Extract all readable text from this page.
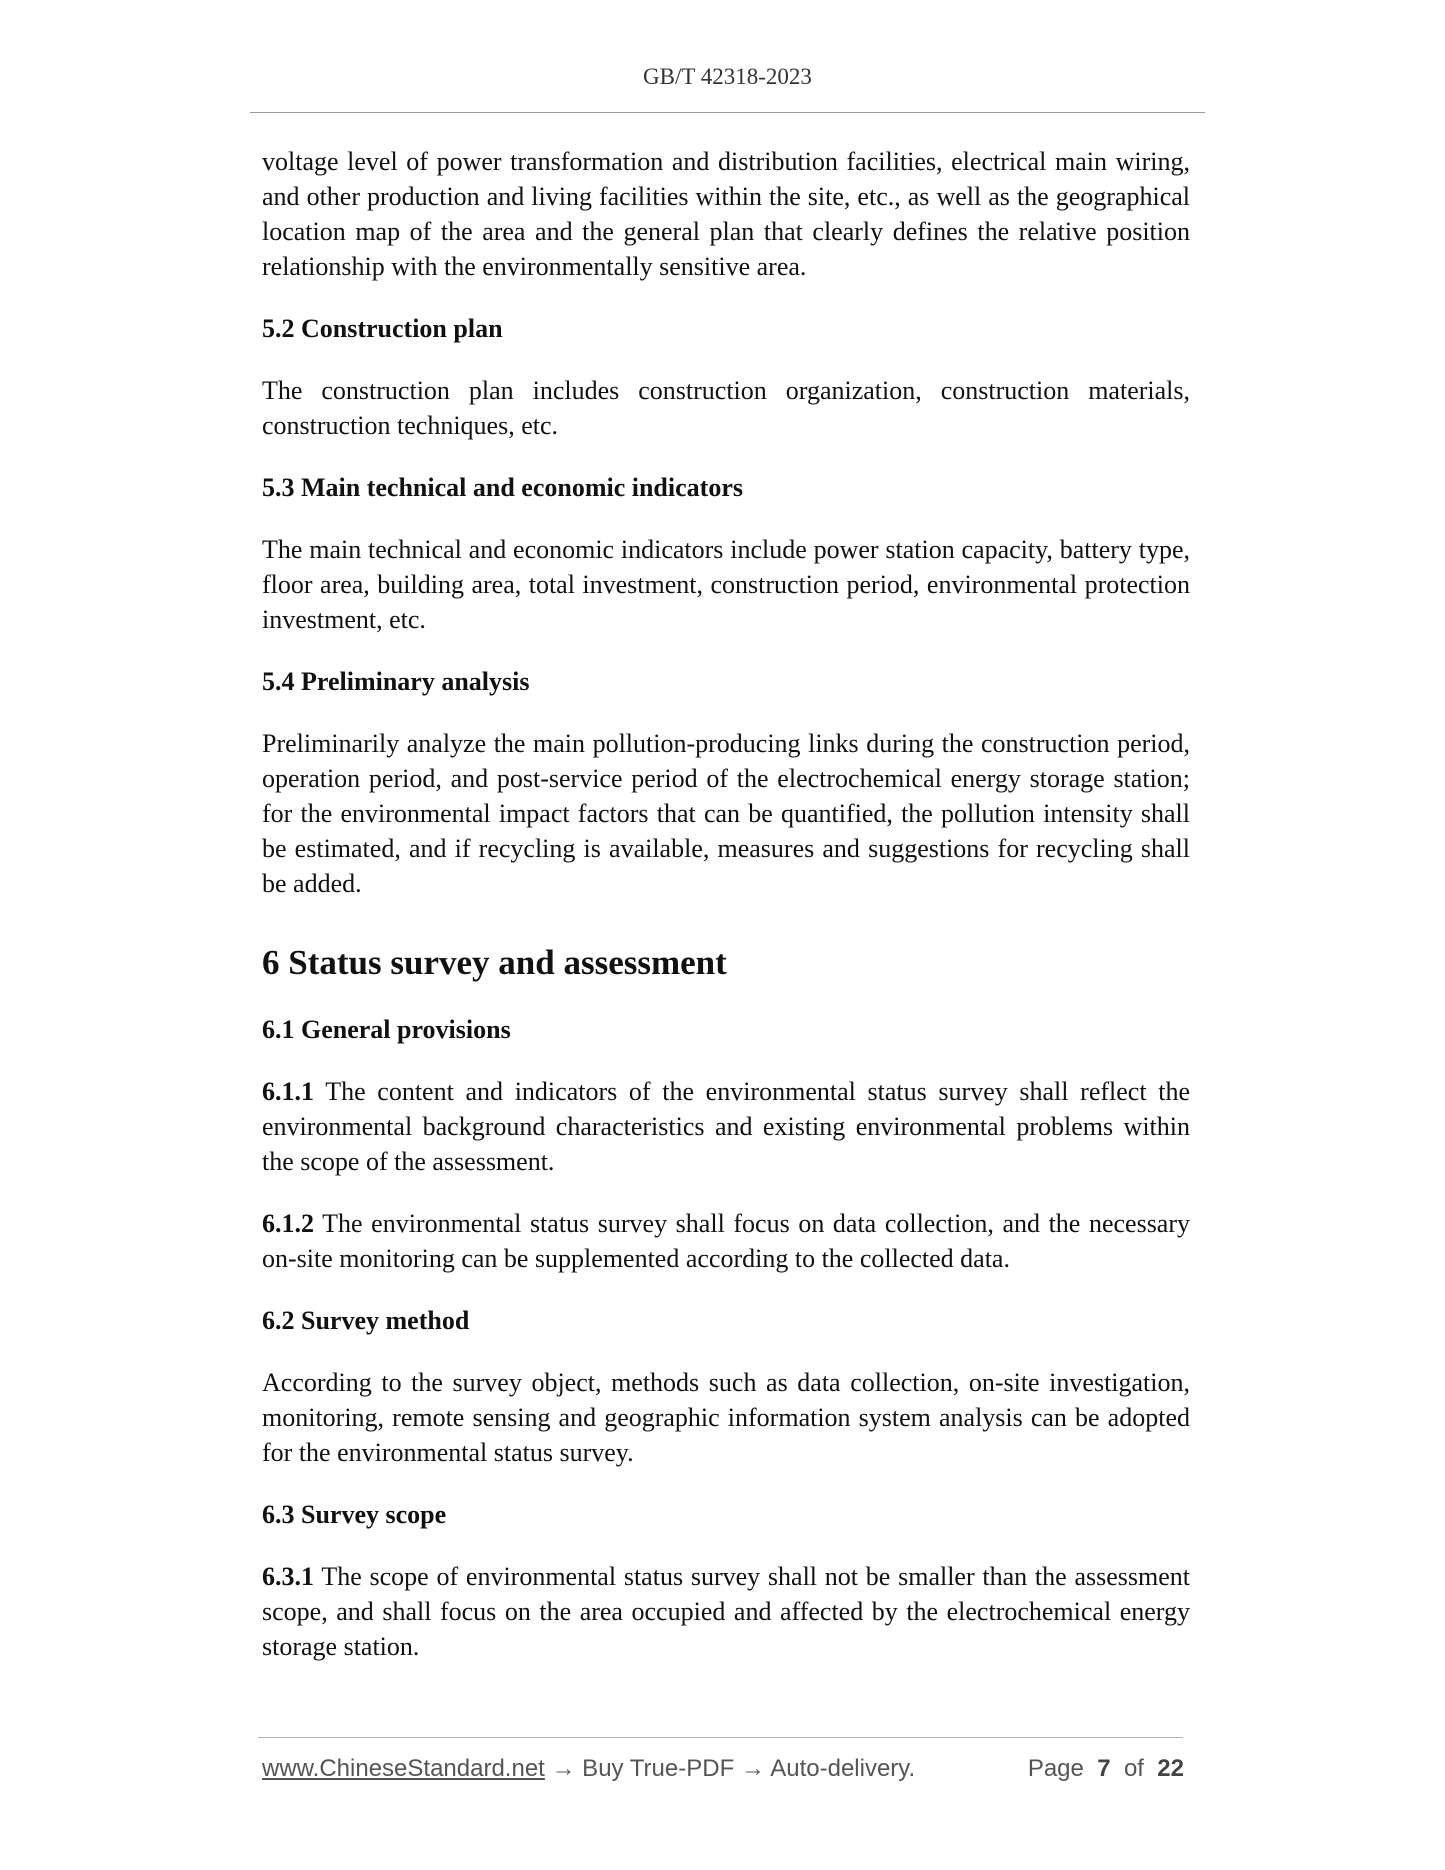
GB/T 42318-2023

voltage level of power transformation and distribution facilities, electrical main wiring, and other production and living facilities within the site, etc., as well as the geographical location map of the area and the general plan that clearly defines the relative position relationship with the environmentally sensitive area.

5.2 Construction plan

The construction plan includes construction organization, construction materials, construction techniques, etc.

5.3 Main technical and economic indicators

The main technical and economic indicators include power station capacity, battery type, floor area, building area, total investment, construction period, environmental protection investment, etc.

5.4 Preliminary analysis

Preliminarily analyze the main pollution-producing links during the construction period, operation period, and post-service period of the electrochemical energy storage station; for the environmental impact factors that can be quantified, the pollution intensity shall be estimated, and if recycling is available, measures and suggestions for recycling shall be added.

6 Status survey and assessment
6.1 General provisions

6.1.1 The content and indicators of the environmental status survey shall reflect the environmental background characteristics and existing environmental problems within the scope of the assessment.

6.1.2 The environmental status survey shall focus on data collection, and the necessary on-site monitoring can be supplemented according to the collected data.

6.2 Survey method

According to the survey object, methods such as data collection, on-site investigation, monitoring, remote sensing and geographic information system analysis can be adopted for the environmental status survey.

6.3 Survey scope

6.3.1 The scope of environmental status survey shall not be smaller than the assessment scope, and shall focus on the area occupied and affected by the electrochemical energy storage station.

www.ChineseStandard.net → Buy True-PDF → Auto-delivery.	Page 7 of 22
